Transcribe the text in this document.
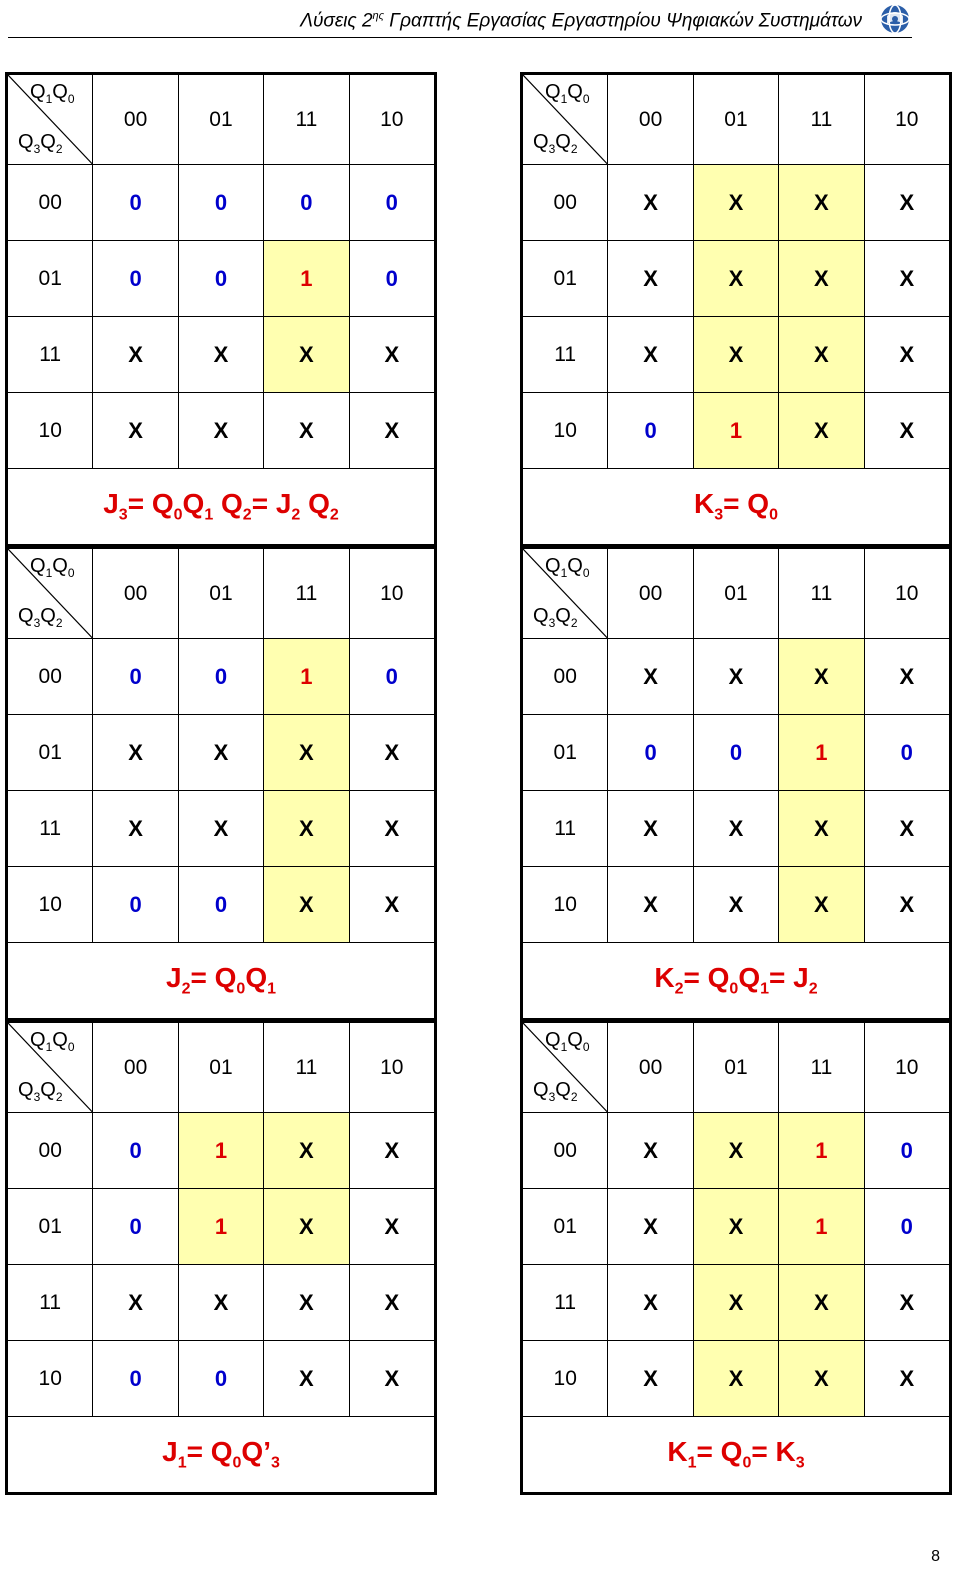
Λύσεις $2^{\eta\varsigma}$ Γραπτής Εργασίας Εργαστηρίου Ψηφιακών Συστημάτων
$Q_1Q_0$
$Q_3Q_2$	00	01	11	10
00	0	0	0	0
01	0	0	1	0
11	X	X	X	X
10	X	X	X	X
$J_3= Q_0Q_1$ $Q_2= J_2$ $Q_2$
$Q_1Q_0$
$Q_3Q_2$	00	01	11	10
00	X	X	X	X
01	X	X	X	X
11	X	X	X	X
10	0	1	X	X
$K_3= Q_0$
$Q_1Q_0$
$Q_3Q_2$	00	01	11	10
00	0	0	1	0
01	X	X	X	X
11	X	X	X	X
10	0	0	X	X
$J_2= Q_0Q_1$
$Q_1Q_0$
$Q_3Q_2$	00	01	11	10
00	X	X	X	X
01	0	0	1	0
11	X	X	X	X
10	X	X	X	X
$K_2= Q_0Q_1= J_2$
$Q_1Q_0$
$Q_3Q_2$	00	01	11	10
00	0	1	X	X
01	0	1	X	X
11	X	X	X	X
10	0	0	X	X
$J_1=$ $Q_0Q’_3$
$Q_1Q_0$
$Q_3Q_2$	00	01	11	10
00	X	X	1	0
01	X	X	1	0
11	X	X	X	X
10	X	X	X	X
$K_1= Q_0= K_3$
8
